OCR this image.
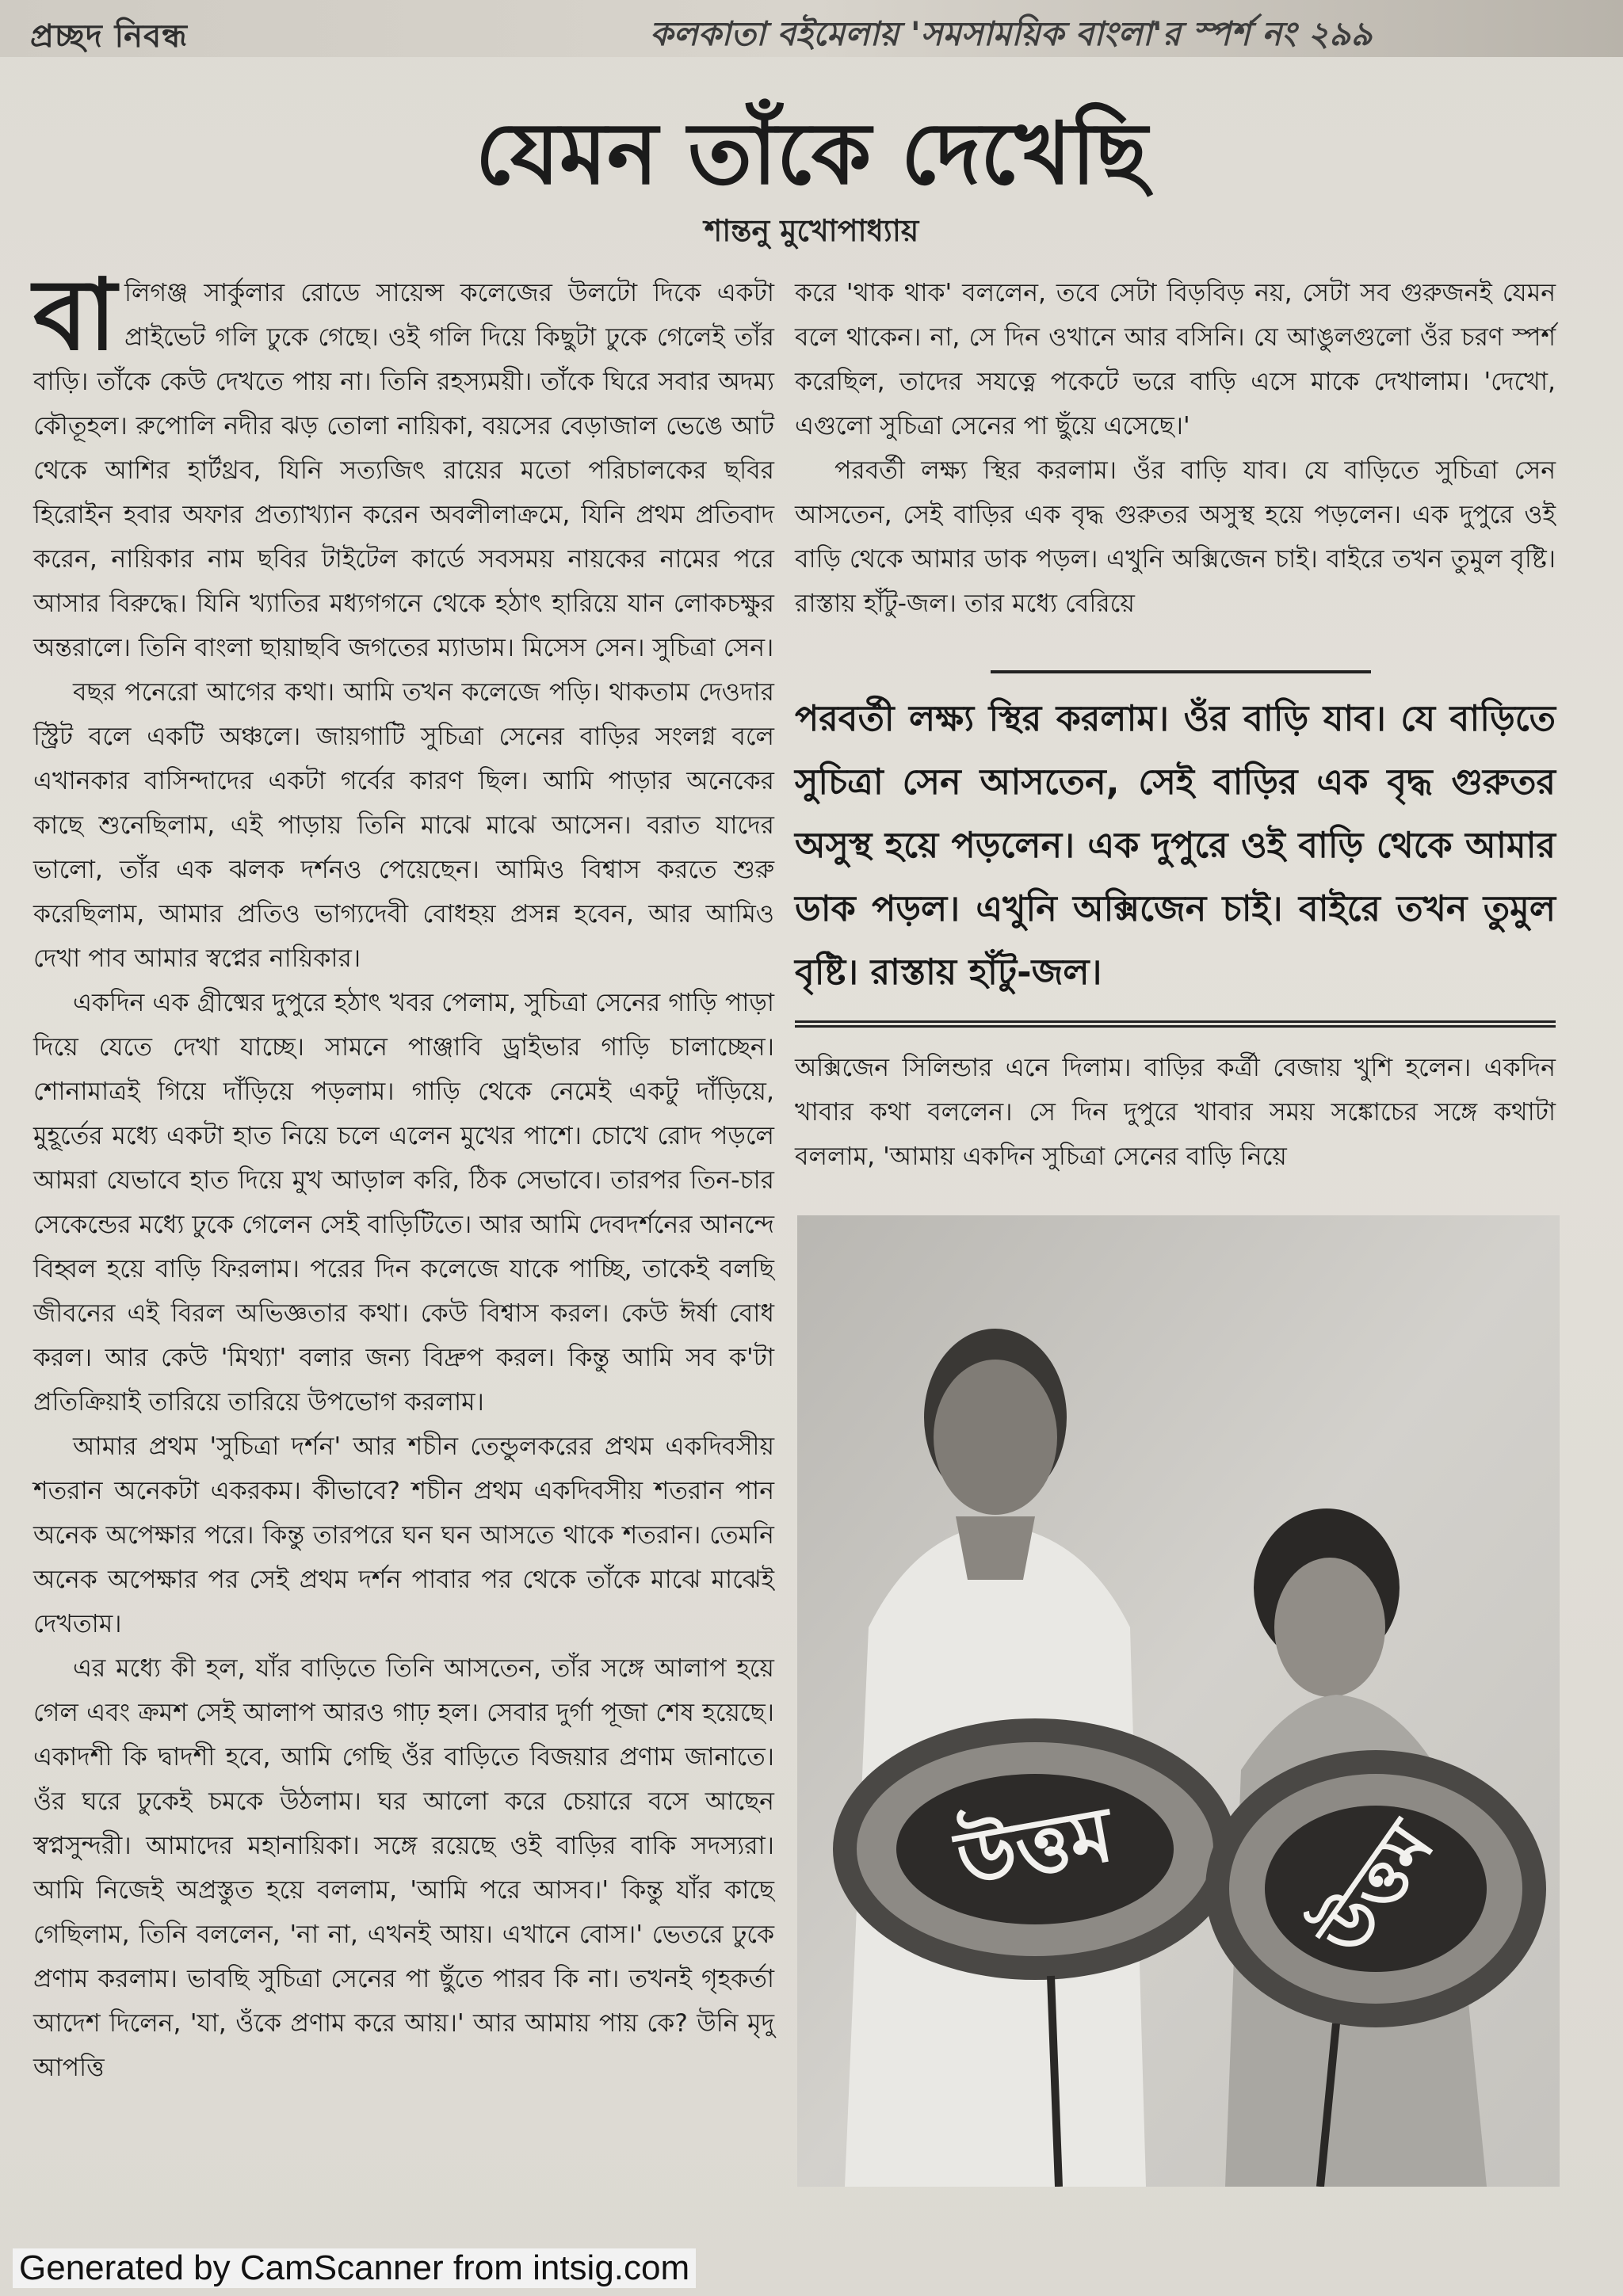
প্রচ্ছদ নিবন্ধ	কলকাতা বইমেলায় 'সমসাময়িক বাংলা'র স্পর্শ নং ২৯৯
যেমন তাঁকে দেখেছি
শান্তনু মুখোপাধ্যায়

বালিগঞ্জ সার্কুলার রোডে সায়েন্স কলেজের উলটো দিকে একটা প্রাইভেট গলি ঢুকে গেছে। ওই গলি দিয়ে কিছুটা ঢুকে গেলেই তাঁর বাড়ি। তাঁকে কেউ দেখতে পায় না। তিনি রহস্যময়ী। তাঁকে ঘিরে সবার অদম্য কৌতূহল। রুপোলি নদীর ঝড় তোলা নায়িকা, বয়সের বেড়াজাল ভেঙে আট থেকে আশির হার্টথ্রব, যিনি সত্যজিৎ রায়ের মতো পরিচালকের ছবির হিরোইন হবার অফার প্রত্যাখ্যান করেন অবলীলাক্রমে, যিনি প্রথম প্রতিবাদ করেন, নায়িকার নাম ছবির টাইটেল কার্ডে সবসময় নায়কের নামের পরে আসার বিরুদ্ধে। যিনি খ্যাতির মধ্যগগনে থেকে হঠাৎ হারিয়ে যান লোকচক্ষুর অন্তরালে। তিনি বাংলা ছায়াছবি জগতের ম্যাডাম। মিসেস সেন। সুচিত্রা সেন।

বছর পনেরো আগের কথা। আমি তখন কলেজে পড়ি। থাকতাম দেওদার স্ট্রিট বলে একটি অঞ্চলে। জায়গাটি সুচিত্রা সেনের বাড়ির সংলগ্ন বলে এখানকার বাসিন্দাদের একটা গর্বের কারণ ছিল। আমি পাড়ার অনেকের কাছে শুনেছিলাম, এই পাড়ায় তিনি মাঝে মাঝে আসেন। বরাত যাদের ভালো, তাঁর এক ঝলক দর্শনও পেয়েছেন। আমিও বিশ্বাস করতে শুরু করেছিলাম, আমার প্রতিও ভাগ্যদেবী বোধহয় প্রসন্ন হবেন, আর আমিও দেখা পাব আমার স্বপ্নের নায়িকার।

একদিন এক গ্রীষ্মের দুপুরে হঠাৎ খবর পেলাম, সুচিত্রা সেনের গাড়ি পাড়া দিয়ে যেতে দেখা যাচ্ছে। সামনে পাঞ্জাবি ড্রাইভার গাড়ি চালাচ্ছেন। শোনামাত্রই গিয়ে দাঁড়িয়ে পড়লাম। গাড়ি থেকে নেমেই একটু দাঁড়িয়ে, মুহূর্তের মধ্যে একটা হাত নিয়ে চলে এলেন মুখের পাশে। চোখে রোদ পড়লে আমরা যেভাবে হাত দিয়ে মুখ আড়াল করি, ঠিক সেভাবে। তারপর তিন-চার সেকেন্ডের মধ্যে ঢুকে গেলেন সেই বাড়িটিতে। আর আমি দেবদর্শনের আনন্দে বিহ্বল হয়ে বাড়ি ফিরলাম। পরের দিন কলেজে যাকে পাচ্ছি, তাকেই বলছি জীবনের এই বিরল অভিজ্ঞতার কথা। কেউ বিশ্বাস করল। কেউ ঈর্ষা বোধ করল। আর কেউ 'মিথ্যা' বলার জন্য বিদ্রুপ করল। কিন্তু আমি সব ক'টা প্রতিক্রিয়াই তারিয়ে তারিয়ে উপভোগ করলাম।

আমার প্রথম 'সুচিত্রা দর্শন' আর শচীন তেন্ডুলকরের প্রথম একদিবসীয় শতরান অনেকটা একরকম। কীভাবে? শচীন প্রথম একদিবসীয় শতরান পান অনেক অপেক্ষার পরে। কিন্তু তারপরে ঘন ঘন আসতে থাকে শতরান। তেমনি অনেক অপেক্ষার পর সেই প্রথম দর্শন পাবার পর থেকে তাঁকে মাঝে মাঝেই দেখতাম।

এর মধ্যে কী হল, যাঁর বাড়িতে তিনি আসতেন, তাঁর সঙ্গে আলাপ হয়ে গেল এবং ক্রমশ সেই আলাপ আরও গাঢ় হল। সেবার দুর্গা পূজা শেষ হয়েছে। একাদশী কি দ্বাদশী হবে, আমি গেছি ওঁর বাড়িতে বিজয়ার প্রণাম জানাতে। ওঁর ঘরে ঢুকেই চমকে উঠলাম। ঘর আলো করে চেয়ারে বসে আছেন স্বপ্নসুন্দরী। আমাদের মহানায়িকা। সঙ্গে রয়েছে ওই বাড়ির বাকি সদস্যরা। আমি নিজেই অপ্রস্তুত হয়ে বললাম, 'আমি পরে আসব।' কিন্তু যাঁর কাছে গেছিলাম, তিনি বললেন, 'না না, এখনই আয়। এখানে বোস।' ভেতরে ঢুকে প্রণাম করলাম। ভাবছি সুচিত্রা সেনের পা ছুঁতে পারব কি না। তখনই গৃহকর্তা আদেশ দিলেন, 'যা, ওঁকে প্রণাম করে আয়।' আর আমায় পায় কে? উনি মৃদু আপত্তি

করে 'থাক থাক' বললেন, তবে সেটা বিড়বিড় নয়, সেটা সব গুরুজনই যেমন বলে থাকেন। না, সে দিন ওখানে আর বসিনি। যে আঙুলগুলো ওঁর চরণ স্পর্শ করেছিল, তাদের সযত্নে পকেটে ভরে বাড়ি এসে মাকে দেখালাম। 'দেখো, এগুলো সুচিত্রা সেনের পা ছুঁয়ে এসেছে।'

পরবর্তী লক্ষ্য স্থির করলাম। ওঁর বাড়ি যাব। যে বাড়িতে সুচিত্রা সেন আসতেন, সেই বাড়ির এক বৃদ্ধ গুরুতর অসুস্থ হয়ে পড়লেন। এক দুপুরে ওই বাড়ি থেকে আমার ডাক পড়ল। এখুনি অক্সিজেন চাই। বাইরে তখন তুমুল বৃষ্টি। রাস্তায় হাঁটু-জল। তার মধ্যে বেরিয়ে

পরবর্তী লক্ষ্য স্থির করলাম। ওঁর বাড়ি যাব। যে বাড়িতে সুচিত্রা সেন আসতেন, সেই বাড়ির এক বৃদ্ধ গুরুতর অসুস্থ হয়ে পড়লেন। এক দুপুরে ওই বাড়ি থেকে আমার ডাক পড়ল। এখুনি অক্সিজেন চাই। বাইরে তখন তুমুল বৃষ্টি। রাস্তায় হাঁটু-জল।

অক্সিজেন সিলিন্ডার এনে দিলাম। বাড়ির কর্ত্রী বেজায় খুশি হলেন। একদিন খাবার কথা বললেন। সে দিন দুপুরে খাবার সময় সঙ্কোচের সঙ্গে কথাটা বললাম, 'আমায় একদিন সুচিত্রা সেনের বাড়ি নিয়ে

উত্তম	উত্তম
Generated by CamScanner from intsig.com
